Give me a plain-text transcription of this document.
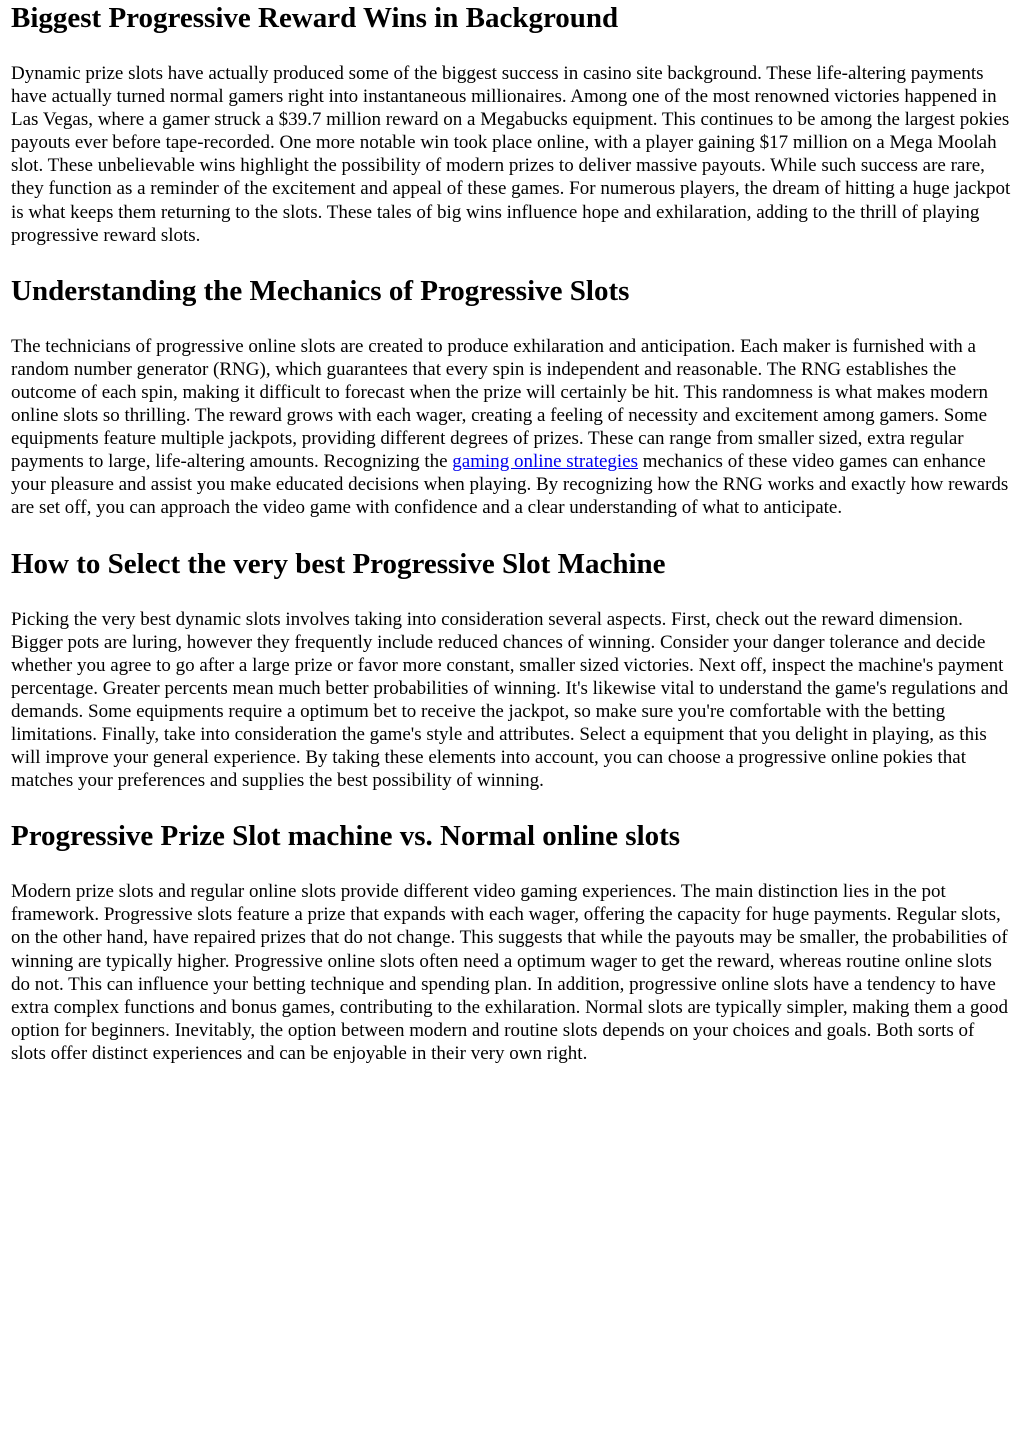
Biggest Progressive Reward Wins in Background

Dynamic prize slots have actually produced some of the biggest success in casino site background. These life-altering payments have actually turned normal gamers right into instantaneous millionaires. Among one of the most renowned victories happened in Las Vegas, where a gamer struck a $39.7 million reward on a Megabucks equipment. This continues to be among the largest pokies payouts ever before tape-recorded. One more notable win took place online, with a player gaining $17 million on a Mega Moolah slot. These unbelievable wins highlight the possibility of modern prizes to deliver massive payouts. While such success are rare, they function as a reminder of the excitement and appeal of these games. For numerous players, the dream of hitting a huge jackpot is what keeps them returning to the slots. These tales of big wins influence hope and exhilaration, adding to the thrill of playing progressive reward slots.

Understanding the Mechanics of Progressive Slots

The technicians of progressive online slots are created to produce exhilaration and anticipation. Each maker is furnished with a random number generator (RNG), which guarantees that every spin is independent and reasonable. The RNG establishes the outcome of each spin, making it difficult to forecast when the prize will certainly be hit. This randomness is what makes modern online slots so thrilling. The reward grows with each wager, creating a feeling of necessity and excitement among gamers. Some equipments feature multiple jackpots, providing different degrees of prizes. These can range from smaller sized, extra regular payments to large, life-altering amounts. Recognizing the gaming online strategies mechanics of these video games can enhance your pleasure and assist you make educated decisions when playing. By recognizing how the RNG works and exactly how rewards are set off, you can approach the video game with confidence and a clear understanding of what to anticipate.

How to Select the very best Progressive Slot Machine

Picking the very best dynamic slots involves taking into consideration several aspects. First, check out the reward dimension. Bigger pots are luring, however they frequently include reduced chances of winning. Consider your danger tolerance and decide whether you agree to go after a large prize or favor more constant, smaller sized victories. Next off, inspect the machine's payment percentage. Greater percents mean much better probabilities of winning. It's likewise vital to understand the game's regulations and demands. Some equipments require a optimum bet to receive the jackpot, so make sure you're comfortable with the betting limitations. Finally, take into consideration the game's style and attributes. Select a equipment that you delight in playing, as this will improve your general experience. By taking these elements into account, you can choose a progressive online pokies that matches your preferences and supplies the best possibility of winning.

Progressive Prize Slot machine vs. Normal online slots

Modern prize slots and regular online slots provide different video gaming experiences. The main distinction lies in the pot framework. Progressive slots feature a prize that expands with each wager, offering the capacity for huge payments. Regular slots, on the other hand, have repaired prizes that do not change. This suggests that while the payouts may be smaller, the probabilities of winning are typically higher. Progressive online slots often need a optimum wager to get the reward, whereas routine online slots do not. This can influence your betting technique and spending plan. In addition, progressive online slots have a tendency to have extra complex functions and bonus games, contributing to the exhilaration. Normal slots are typically simpler, making them a good option for beginners. Inevitably, the option between modern and routine slots depends on your choices and goals. Both sorts of slots offer distinct experiences and can be enjoyable in their very own right.
